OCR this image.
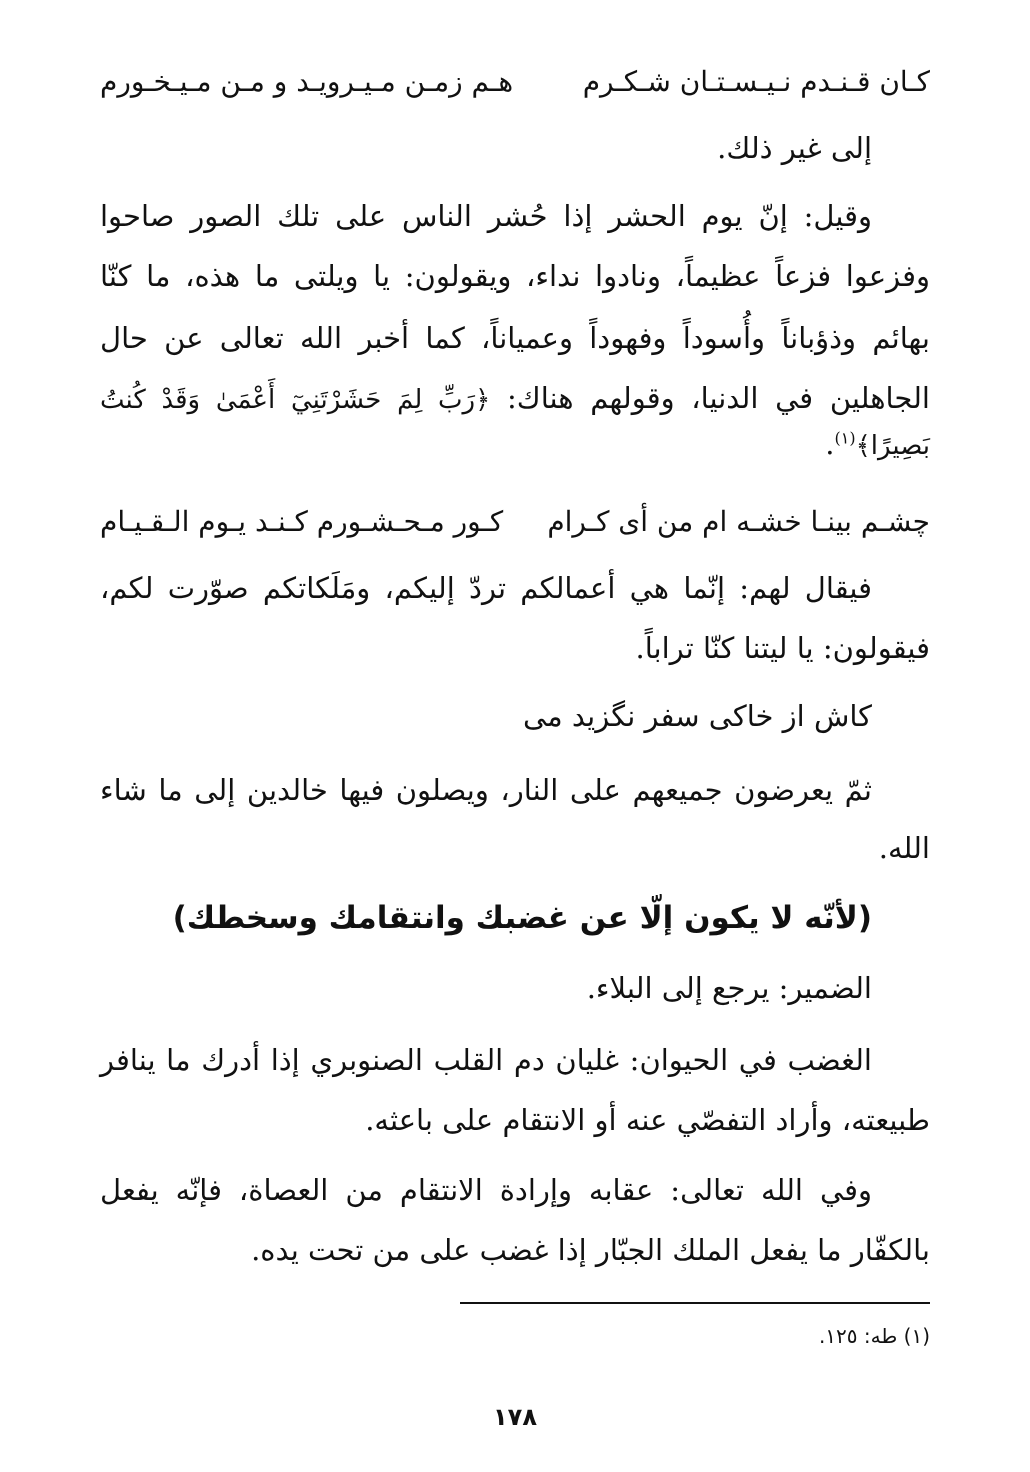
كـان قـنـدم نـيـسـتـان شـكـرم
هـم زمـن مـيـرويـد و مـن مـيـخـورم
إلى غير ذلك.
وقيل: إنّ يوم الحشر إذا حُشر الناس على تلك الصور صاحوا
وفزعوا فزعاً عظيماً، ونادوا نداء، ويقولون: يا ويلتى ما هذه، ما كنّا
بهائم وذؤباناً وأُسوداً وفهوداً وعمياناً، كما أخبر الله تعالى عن حال
الجاهلين في الدنيا، وقولهم هناك: ﴿رَبِّ لِمَ حَشَرْتَنِيٓ أَعْمَىٰ وَقَدْ كُنتُ
بَصِيرًا﴾$^{(١)}$.
چشـم بينـا خشـه ام من أى كـرام
كـور مـحـشـورم كـنـد يـوم الـقـيـام
فيقال لهم: إنّما هي أعمالكم تردّ إليكم، ومَلَكاتكم صوّرت لكم،
فيقولون: يا ليتنا كنّا تراباً.
كاش از خاكى سفر نگزيد مى
ثمّ يعرضون جميعهم على النار، ويصلون فيها خالدين إلى ما شاء
الله.
(لأنّه لا يكون إلّا عن غضبك وانتقامك وسخطك)
الضمير: يرجع إلى البلاء.
الغضب في الحيوان: غليان دم القلب الصنوبري إذا أدرك ما ينافر
طبيعته، وأراد التفصّي عنه أو الانتقام على باعثه.
وفي الله تعالى: عقابه وإرادة الانتقام من العصاة، فإنّه يفعل
بالكفّار ما يفعل الملك الجبّار إذا غضب على من تحت يده.
(١) طه: ١٢٥.
١٧٨
